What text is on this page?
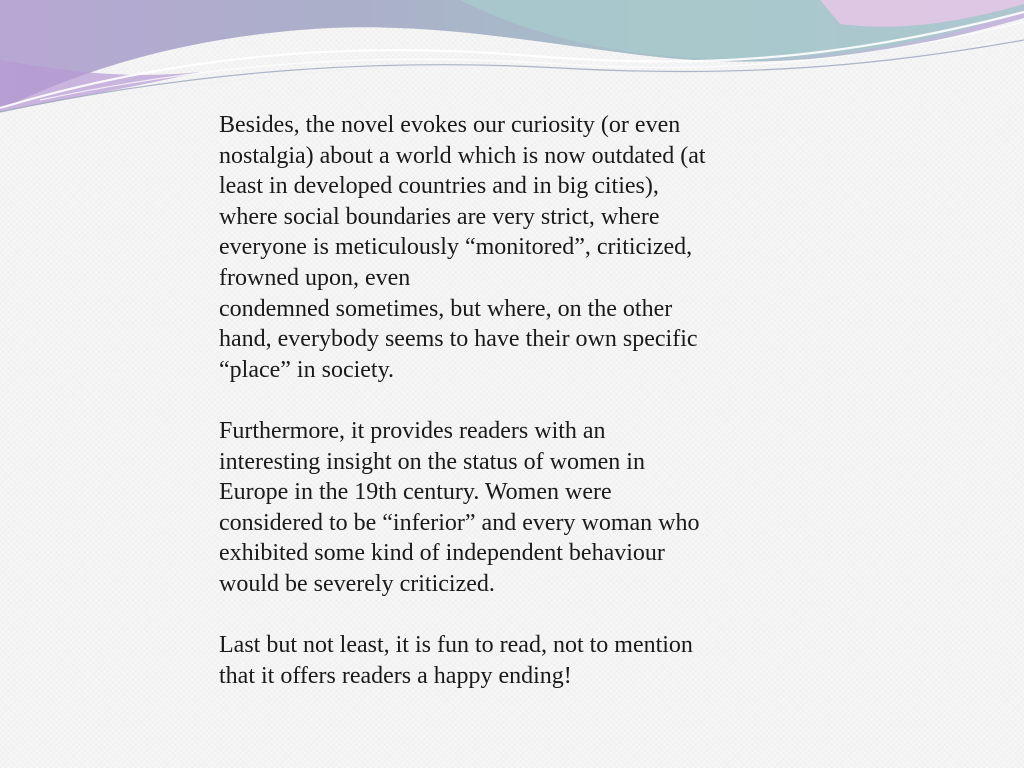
Besides, the novel evokes our curiosity (or even
nostalgia) about a world which is now outdated (at
least in developed countries and in big cities),
where social boundaries are very strict, where
everyone is meticulously “monitored”, criticized,
frowned upon, even
condemned sometimes, but where, on the other
hand, everybody seems to have their own specific
“place” in society.

Furthermore, it provides readers with an
interesting insight on the status of women in
Europe in the 19th century. Women were
considered to be “inferior” and every woman who
exhibited some kind of independent behaviour
would be severely criticized.

Last but not least, it is fun to read, not to mention
that it offers readers a happy ending!
